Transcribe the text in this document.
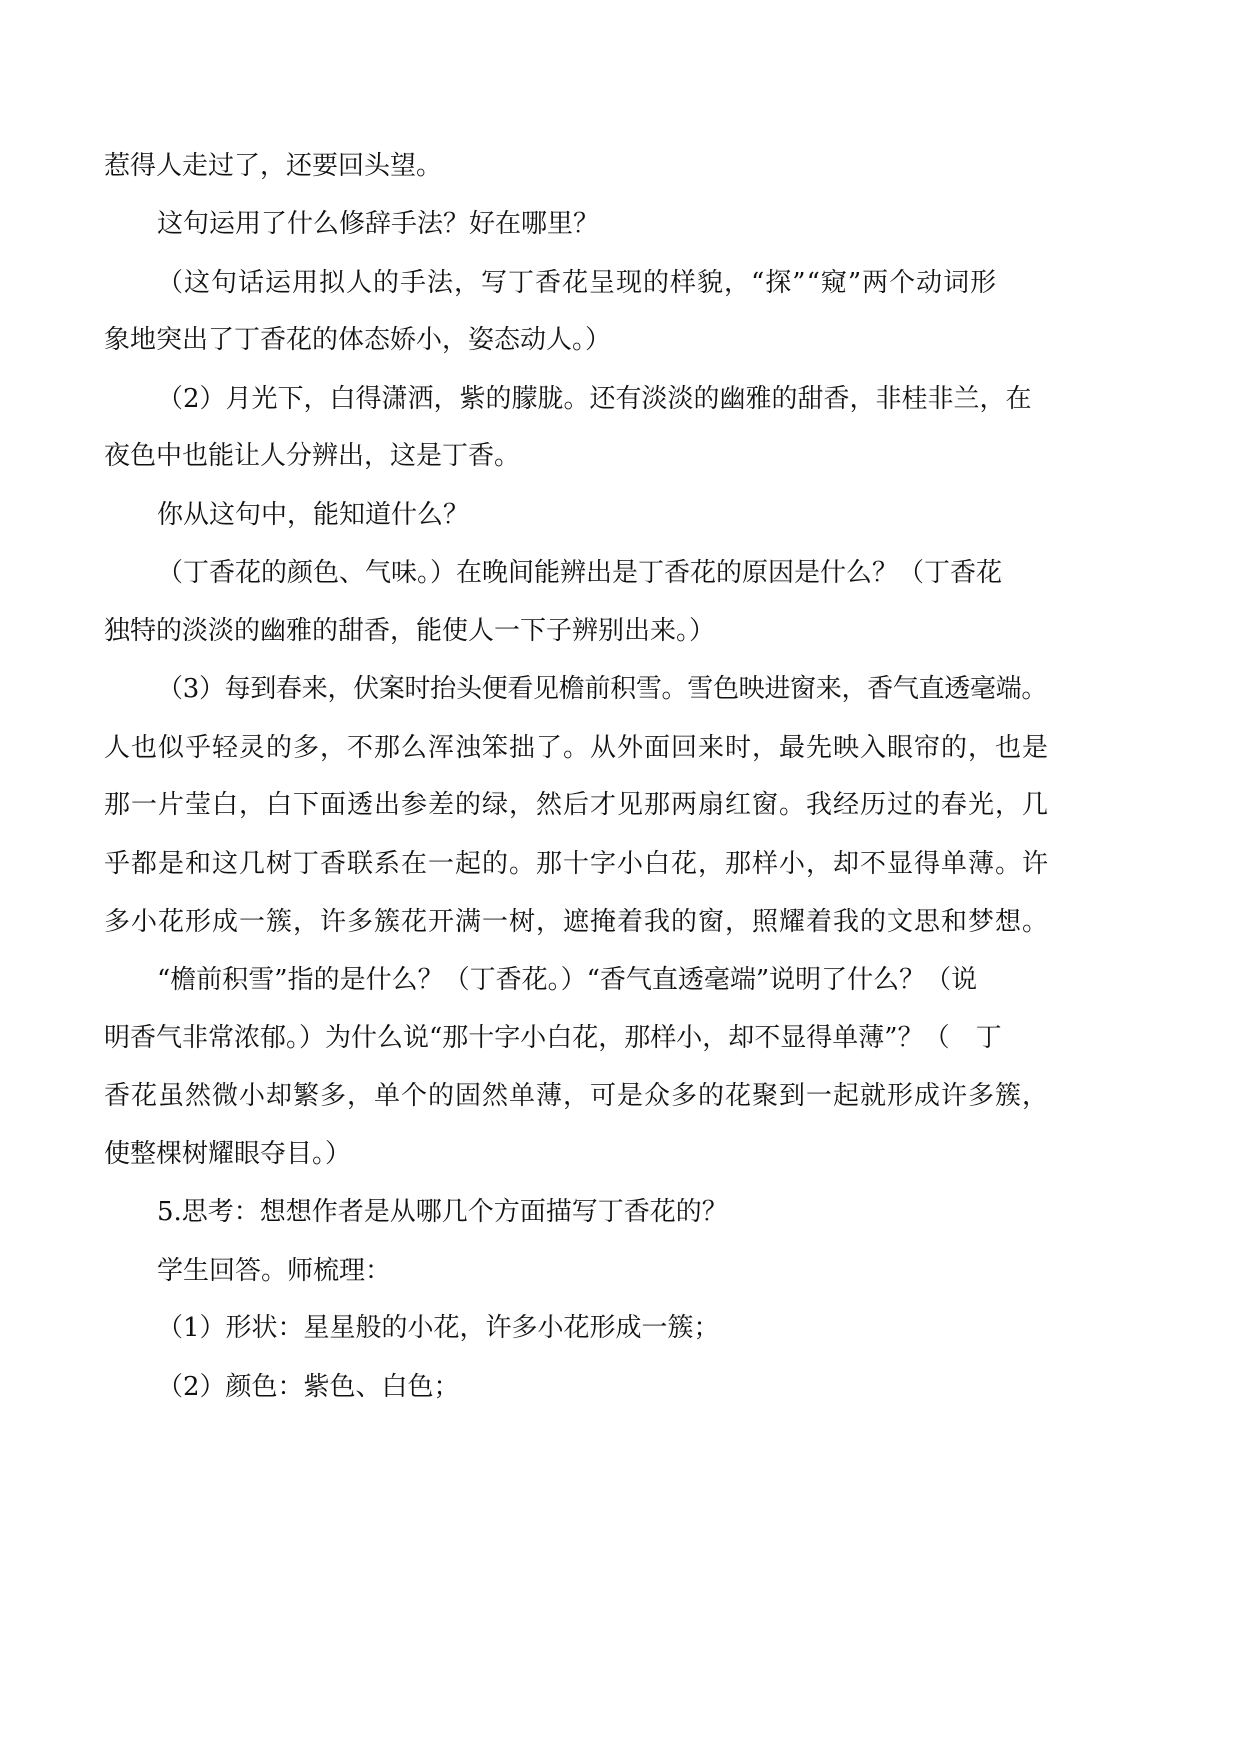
惹得人走过了，还要回头望。
这句运用了什么修辞手法？好在哪里？
（这句话运用拟人的手法，写丁香花呈现的样貌，“探”“窥”两个动词形
象地突出了丁香花的体态娇小，姿态动人。）
（2）月光下，白得潇洒，紫的朦胧。还有淡淡的幽雅的甜香，非桂非兰，在
夜色中也能让人分辨出，这是丁香。
你从这句中，能知道什么？
（丁香花的颜色、气味。）在晚间能辨出是丁香花的原因是什么？（丁香花
独特的淡淡的幽雅的甜香，能使人一下子辨别出来。）
（3）每到春来，伏案时抬头便看见檐前积雪。雪色映进窗来，香气直透毫端。
人也似乎轻灵的多，不那么浑浊笨拙了。从外面回来时，最先映入眼帘的，也是
那一片莹白，白下面透出参差的绿，然后才见那两扇红窗。我经历过的春光，几
乎都是和这几树丁香联系在一起的。那十字小白花，那样小，却不显得单薄。许
多小花形成一簇，许多簇花开满一树，遮掩着我的窗，照耀着我的文思和梦想。
“檐前积雪”指的是什么？（丁香花。）“香气直透毫端”说明了什么？（说
明香气非常浓郁。）为什么说“那十字小白花，那样小，却不显得单薄”？（　丁
香花虽然微小却繁多，单个的固然单薄，可是众多的花聚到一起就形成许多簇，
使整棵树耀眼夺目。）
5.思考：想想作者是从哪几个方面描写丁香花的？
学生回答。师梳理：
（1）形状：星星般的小花，许多小花形成一簇；
（2）颜色：紫色、白色；
